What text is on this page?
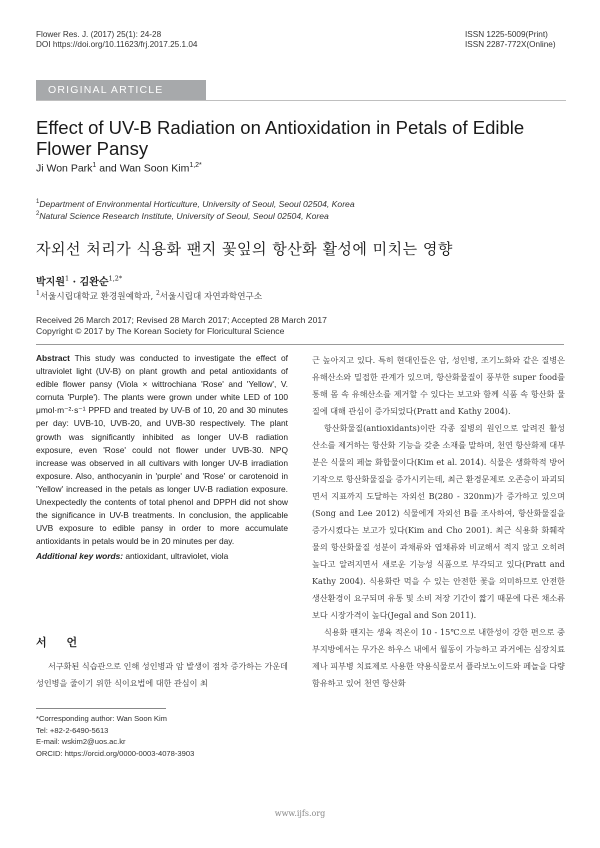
Flower Res. J. (2017) 25(1): 24-28
DOI https://doi.org/10.11623/frj.2017.25.1.04
ISSN 1225-5009(Print)
ISSN 2287-772X(Online)
ORIGINAL ARTICLE
Effect of UV-B Radiation on Antioxidation in Petals of Edible Flower Pansy
Ji Won Park$^1$ and Wan Soon Kim$^{1,2*}$
$^1$Department of Environmental Horticulture, University of Seoul, Seoul 02504, Korea
$^2$Natural Science Research Institute, University of Seoul, Seoul 02504, Korea
자외선 처리가 식용화 팬지 꽃잎의 항산화 활성에 미치는 영향
박지원$^1$ · 김완순$^{1,2*}$
$^1$서울시립대학교 환경원예학과, $^2$서울시립대 자연과학연구소
Received 26 March 2017; Revised 28 March 2017; Accepted 28 March 2017
Copyright © 2017 by The Korean Society for Floricultural Science

Abstract This study was conducted to investigate the effect of ultraviolet light (UV-B) on plant growth and petal antioxidants of edible flower pansy (Viola × wittrochiana 'Rose' and 'Yellow', V. cornuta 'Purple'). The plants were grown under white LED of 100 μmol·m⁻²·s⁻¹ PPFD and treated by UV-B of 10, 20 and 30 minutes per day: UVB-10, UVB-20, and UVB-30 respectively. The plant growth was significantly inhibited as longer UV-B radiation exposure, even 'Rose' could not flower under UVB-30. NPQ increase was observed in all cultivars with longer UV-B irradiation exposure. Also, anthocyanin in 'purple' and 'Rose' or carotenoid in 'Yellow' increased in the petals as longer UV-B radiation exposure. Unexpectedly the contents of total phenol and DPPH did not show the significance in UV-B treatments. In conclusion, the applicable UVB exposure to edible pansy in order to more accumulate antioxidants in petals would be in 20 minutes per day.

Additional key words: antioxidant, ultraviolet, viola

서 언
서구화된 식습관으로 인해 성인병과 암 발생이 점차 증가하는 가운데 성인병을 줄이기 위한 식이요법에 대한 관심이 최
*Corresponding author: Wan Soon Kim
Tel: +82-2-6490-5613
E-mail: wskim2@uos.ac.kr
ORCID: https://orcid.org/0000-0003-4078-3903

근 높아지고 있다. 특히 현대인들은 암, 성인병, 조기노화와 같은 질병은 유해산소와 밀접한 관계가 있으며, 항산화물질이 풍부한 super food를 통해 몸 속 유해산소를 제거할 수 있다는 보고와 함께 식품 속 항산화 물질에 대해 관심이 증가되었다(Pratt and Kathy 2004).

항산화물질(antioxidants)이란 각종 질병의 원인으로 알려진 활성산소를 제거하는 항산화 기능을 갖춘 소재를 말하며, 천연 항산화제 대부분은 식물의 페놀 화합물이다(Kim et al. 2014). 식물은 생화학적 방어기작으로 항산화물질을 증가시키는데, 최근 환경문제로 오존층이 파괴되면서 지표까지 도달하는 자외선 B(280 - 320nm)가 증가하고 있으며(Song and Lee 2012) 식물에게 자외선 B를 조사하여, 항산화물질을 증가시켰다는 보고가 있다(Kim and Cho 2001). 최근 식용화 화훼작물의 항산화물질 성분이 과채류와 엽채류와 비교해서 적지 않고 오히려 높다고 알려지면서 새로운 기능성 식품으로 부각되고 있다(Pratt and Kathy 2004). 식용화란 먹을 수 있는 안전한 꽃을 의미하므로 안전한 생산환경이 요구되며 유통 및 소비 저장 기간이 짧기 때문에 다른 채소류보다 시장가격이 높다(Jegal and Son 2011).

식용화 팬지는 생육 적온이 10 - 15℃으로 내한성이 강한 편으로 중부지방에서는 무가온 하우스 내에서 월동이 가능하고 과거에는 심장치료제나 피부병 치료제로 사용한 약용식물로서 플라보노이드와 페놀을 다량 함유하고 있어 천연 항산화

www.ijfs.org
